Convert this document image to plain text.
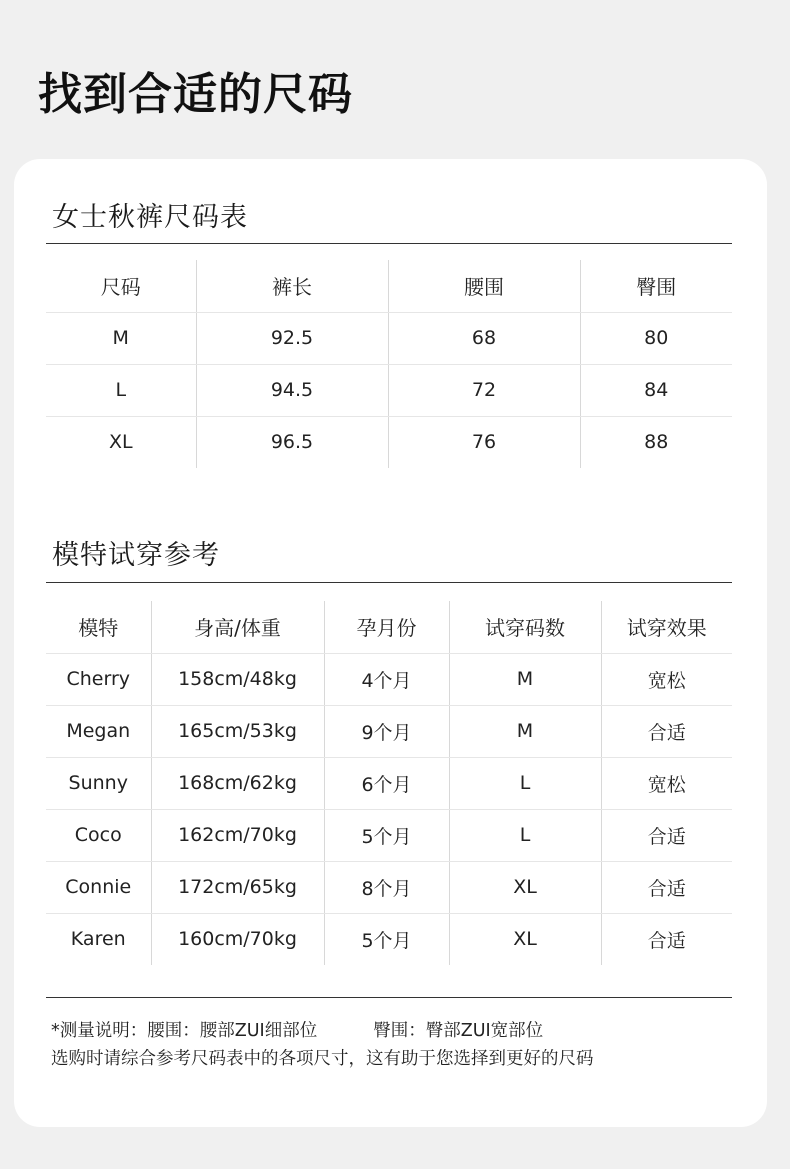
找到合适的尺码
女士秋裤尺码表
尺码	裤长	腰围	臀围
M	92.5	68	80
L	94.5	72	84
XL	96.5	76	88
模特试穿参考
模特	身高/体重	孕月份	试穿码数	试穿效果
Cherry	158cm/48kg	4个月	M	宽松
Megan	165cm/53kg	9个月	M	合适
Sunny	168cm/62kg	6个月	L	宽松
Coco	162cm/70kg	5个月	L	合适
Connie	172cm/65kg	8个月	XL	合适
Karen	160cm/70kg	5个月	XL	合适
*测量说明：腰围：腰部ZUI细部位	臀围：臀部ZUI宽部位
选购时请综合参考尺码表中的各项尺寸，这有助于您选择到更好的尺码
